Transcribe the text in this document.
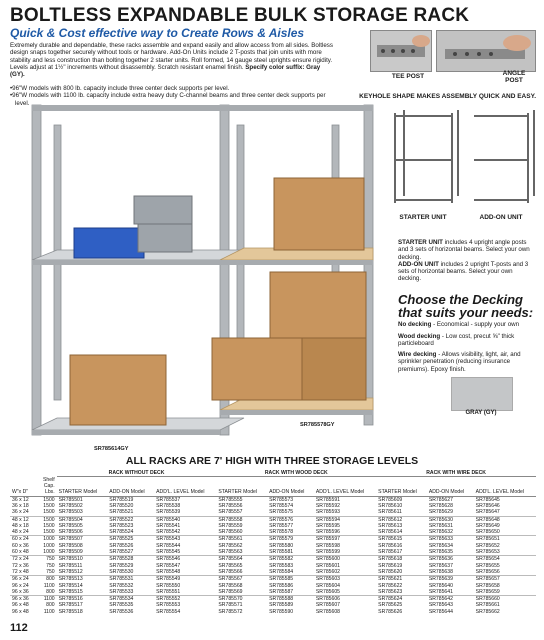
BOLTLESS EXPANDABLE BULK STORAGE RACK
Quick & Cost effective way to Create Rows & Aisles
Extremely durable and dependable, these racks assemble and expand easily and allow access from all sides. Boltless design snaps together securely without tools or hardware. Add-On Units include 2 T-posts that join units with more stability and less construction than bolting together 2 starter units. Roll formed, 14 gauge steel uprights ensure rigidity. Levels adjust at 1½" increments without disassembly. Scratch resistant enamel finish. Specify color suffix: Gray (GY).
•96"W models with 800 lb. capacity include three center deck supports per level.
•96"W models with 1100 lb. capacity include extra heavy duty C-channel beams and three center deck supports per level.
TEE POST	ANGLE POST
KEYHOLE SHAPE MAKES ASSEMBLY QUICK AND EASY.
SR785614GY
SR785578GY
STARTER UNIT	ADD-ON UNIT
STARTER UNIT includes 4 upright angle posts and 3 sets of horizontal beams. Select your own decking.
ADD-ON UNIT includes 2 upright T-posts and 3 sets of horizontal beams. Select your own decking.
Choose the Decking
that suits your needs:
No decking - Economical - supply your own
Wood decking - Low cost, precut ⅝" thick particleboard
Wire decking - Allows visibility, light, air, and sprinkler penetration (reducing insurance premiums). Epoxy finish.
GRAY (GY)
ALL RACKS ARE 7' HIGH WITH THREE STORAGE LEVELS
		RACK WITHOUT DECK			RACK WITH WOOD DECK			RACK WITH WIRE DECK		
W"x D"	Shelf Cap. Lbs.	STARTER Model	ADD-ON Model	ADD'L. LEVEL Model	STARTER Model	ADD-ON Model	ADD'L. LEVEL Model	STARTER Model	ADD-ON Model	ADD'L. LEVEL Model
36 x 12	1500	SR785501	SR785519	SR785537	SR785555	SR785573	SR785591	SR785609	SR785627	SR785645
36 x 18	1500	SR785502	SR785520	SR785538	SR785556	SR785574	SR785592	SR785610	SR785628	SR785646
36 x 24	1500	SR785503	SR785521	SR785539	SR785557	SR785575	SR785593	SR785611	SR785629	SR785647
48 x 12	1500	SR785504	SR785522	SR785540	SR785558	SR785576	SR785594	SR785612	SR785630	SR785648
48 x 18	1500	SR785505	SR785523	SR785541	SR785559	SR785577	SR785595	SR785613	SR785631	SR785649
48 x 24	1500	SR785506	SR785524	SR785542	SR785560	SR785578	SR785596	SR785614	SR785632	SR785650
60 x 24	1000	SR785507	SR785525	SR785543	SR785561	SR785579	SR785597	SR785615	SR785633	SR785651
60 x 36	1000	SR785508	SR785526	SR785544	SR785562	SR785580	SR785598	SR785616	SR785634	SR785652
60 x 48	1000	SR785509	SR785527	SR785545	SR785563	SR785581	SR785599	SR785617	SR785635	SR785653
72 x 24	750	SR785510	SR785528	SR785546	SR785564	SR785582	SR785600	SR785618	SR785636	SR785654
72 x 36	750	SR785511	SR785529	SR785547	SR785565	SR785583	SR785601	SR785619	SR785637	SR785655
72 x 48	750	SR785512	SR785530	SR785548	SR785566	SR785584	SR785602	SR785620	SR785638	SR785656
96 x 24	800	SR785513	SR785531	SR785549	SR785567	SR785585	SR785603	SR785621	SR785639	SR785657
96 x 24	1100	SR785514	SR785532	SR785550	SR785568	SR785586	SR785604	SR785622	SR785640	SR785658
96 x 36	800	SR785515	SR785533	SR785551	SR785569	SR785587	SR785605	SR785623	SR785641	SR785659
96 x 36	1100	SR785516	SR785534	SR785552	SR785570	SR785588	SR785606	SR785624	SR785642	SR785660
96 x 48	800	SR785517	SR785535	SR785553	SR785571	SR785589	SR785607	SR785625	SR785643	SR785661
96 x 48	1100	SR785518	SR785536	SR785554	SR785572	SR785590	SR785608	SR785626	SR785644	SR785662
112
